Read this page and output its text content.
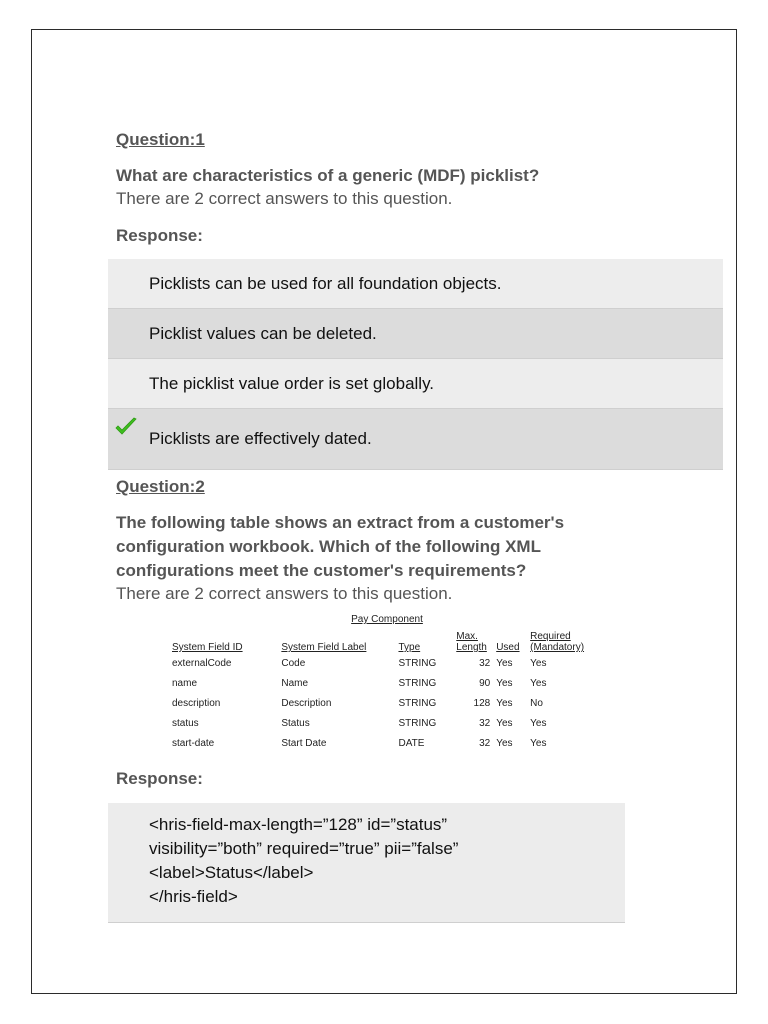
Question:1
What are characteristics of a generic (MDF) picklist?
There are 2 correct answers to this question.
Response:
Picklists can be used for all foundation objects.
Picklist values can be deleted.
The picklist value order is set globally.
Picklists are effectively dated.
Question:2
The following table shows an extract from a customer's configuration workbook. Which of the following XML configurations meet the customer's requirements?
There are 2 correct answers to this question.
Pay Component
System Field ID	System Field Label	Type	Max. Length	Used	Required (Mandatory)
externalCode	Code	STRING	32	Yes	Yes
name	Name	STRING	90	Yes	Yes
description	Description	STRING	128	Yes	No
status	Status	STRING	32	Yes	Yes
start-date	Start Date	DATE	32	Yes	Yes
Response:
<hris-field-max-length=”128” id=”status”
visibility=”both” required=”true” pii=”false”
<label>Status</label>
</hris-field>
